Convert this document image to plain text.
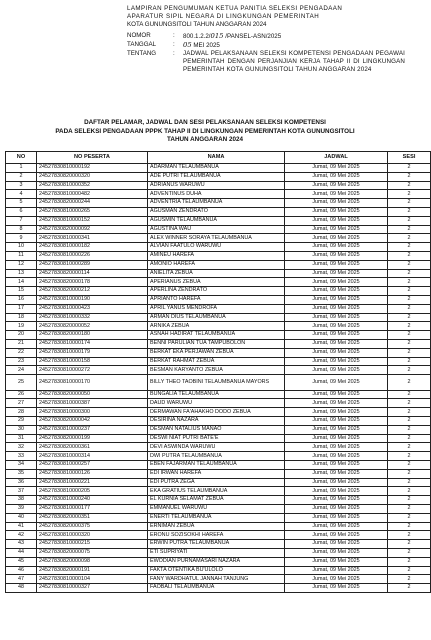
LAMPIRAN PENGUMUMAN KETUA PANITIA SELEKSI PENGADAAN
APARATUR SIPIL NEGARA DI LINGKUNGAN PEMERINTAH
KOTA GUNUNGSITOLI TAHUN ANGGARAN 2024
NOMOR	:	800.1.2.2/015 /PANSEL-ASN/2025
TANGGAL	:	05 MEI 2025
TENTANG	:	JADWAL PELAKSANAAN SELEKSI KOMPETENSI PENGADAAN PEGAWAI PEMERINTAH DENGAN PERJANJIAN KERJA TAHAP II DI LINGKUNGAN PEMERINTAH KOTA GUNUNGSITOLI TAHUN ANGGARAN 2024
DAFTAR PELAMAR, JADWAL DAN SESI PELAKSANAAN SELEKSI KOMPETENSI
PADA SELEKSI PENGADAAN PPPK TAHAP II DI LINGKUNGAN PEMERINTAH KOTA GUNUNGSITOLI
TAHUN ANGGARAN 2024
NO	NO PESERTA	NAMA	JADWAL	SESI
1	24527830810000192	ADARMAN TELAUMBANUA	Jumat, 09 Mei 2025	2
2	24527830820000320	ADE PUTRI TELAUMBANUA	Jumat, 09 Mei 2025	2
3	24527830810000352	ADRIANUS WARUWU	Jumat, 09 Mei 2025	2
4	24527830810000482	ADVENTINUS DUHA	Jumat, 09 Mei 2025	2
5	24527830820000244	ADVENTRIA TELAUMBANUA	Jumat, 09 Mei 2025	2
6	24527830810000265	AGUSMAN ZENDRATO	Jumat, 09 Mei 2025	2
7	24527830810000152	AGUSMIN TELAUMBANUA	Jumat, 09 Mei 2025	2
8	24527830820000092	AGUSTINA WAU	Jumat, 09 Mei 2025	2
9	24527830810000341	ALEX WINNER SORAYA TELAUMBANUA	Jumat, 09 Mei 2025	2
10	24527830810000182	ALVIAN FAATULO WARUWU	Jumat, 09 Mei 2025	2
11	24527830810000226	AMINEU HAREFA	Jumat, 09 Mei 2025	2
12	24527830810000289	AMONIO HAREFA	Jumat, 09 Mei 2025	2
13	24527830820000114	ANIELITA ZEBUA	Jumat, 09 Mei 2025	2
14	24527830820000178	APERIANUS ZEBUA	Jumat, 09 Mei 2025	2
15	24527830820000212	APERLINA ZENDRATO	Jumat, 09 Mei 2025	2
16	24527830810000190	APRIANTO HAREFA	Jumat, 09 Mei 2025	2
17	24527830810000423	APRIL YANUS MENDROFA	Jumat, 09 Mei 2025	2
18	24527830810000332	ARMAN DIUS TELAUMBANUA	Jumat, 09 Mei 2025	2
19	24527830820000052	ARNIKA ZEBUA	Jumat, 09 Mei 2025	2
20	24527830820000180	ASNAH HADIRAT TELAUMBANUA	Jumat, 09 Mei 2025	2
21	24527830810000174	BENNI PARULIAN TUA TAMPUBOLON	Jumat, 09 Mei 2025	2
22	24527830810000179	BERKAT EKA PERJAWAN ZEBUA	Jumat, 09 Mei 2025	2
23	24527830810000158	BERKAT RAHMAT ZEBUA	Jumat, 09 Mei 2025	2
24	24527830810000272	BESMAN KARYANTO ZEBUA	Jumat, 09 Mei 2025	2
25	24527830810000170	BILLY THEO TAOBINI TELAUMBANUA MAYORS	Jumat, 09 Mei 2025	2
26	24527830820000050	BUNGALIA TELAUMBANUA	Jumat, 09 Mei 2025	2
27	24527830810000387	DAUD WARUWU	Jumat, 09 Mei 2025	2
28	24527830810000300	DERMAWAN FA'AHAKHO DODO ZEBUA	Jumat, 09 Mei 2025	2
29	24527830820000042	DESIRINA NAZARA	Jumat, 09 Mei 2025	2
30	24527830810000237	DESMAN NATALIUS MANAO	Jumat, 09 Mei 2025	2
31	24527830820000199	DESWI NIAT PUTRI BATE'E	Jumat, 09 Mei 2025	2
32	24527830820000361	DEVI ASWINDA WARUWU	Jumat, 09 Mei 2025	2
33	24527830810000314	DWI PUTRA TELAUMBANUA	Jumat, 09 Mei 2025	2
34	24527830810000257	EBEN FAJARMAN TELAUMBANUA	Jumat, 09 Mei 2025	2
35	24527830810000126	EDI IRWAN HAREFA	Jumat, 09 Mei 2025	2
36	24527830810000221	EDI PUTRA ZEGA	Jumat, 09 Mei 2025	2
37	24527830810000205	EKA GRATIUS TELAUMBANUA	Jumat, 09 Mei 2025	2
38	24527830810000240	EL KURNIA SELAMAT ZEBUA	Jumat, 09 Mei 2025	2
39	24527830810000177	EMMANUEL WARUWU	Jumat, 09 Mei 2025	2
40	24527830820000351	ENERTI TELAUMBANUA	Jumat, 09 Mei 2025	2
41	24527830820000375	ERNIMAN ZEBUA	Jumat, 09 Mei 2025	2
42	24527830810000320	ERONU SOZISOKHI HAREFA	Jumat, 09 Mei 2025	2
43	24527830810000215	ERWIN PUTRA TELAUMBANUA	Jumat, 09 Mei 2025	2
44	24527830820000075	ETI SUPRIYATI	Jumat, 09 Mei 2025	2
45	24527830820000098	EWODIAN PURNAMASARI NAZARA	Jumat, 09 Mei 2025	2
46	24527830820000191	FAKTA OTENTIKA BU'ULOLO	Jumat, 09 Mei 2025	2
47	24527830810000104	FANY WARDHATUL JANNAH TANJUNG	Jumat, 09 Mei 2025	2
48	24527830810000327	FAOBALI TELAUMBANUA	Jumat, 09 Mei 2025	2
